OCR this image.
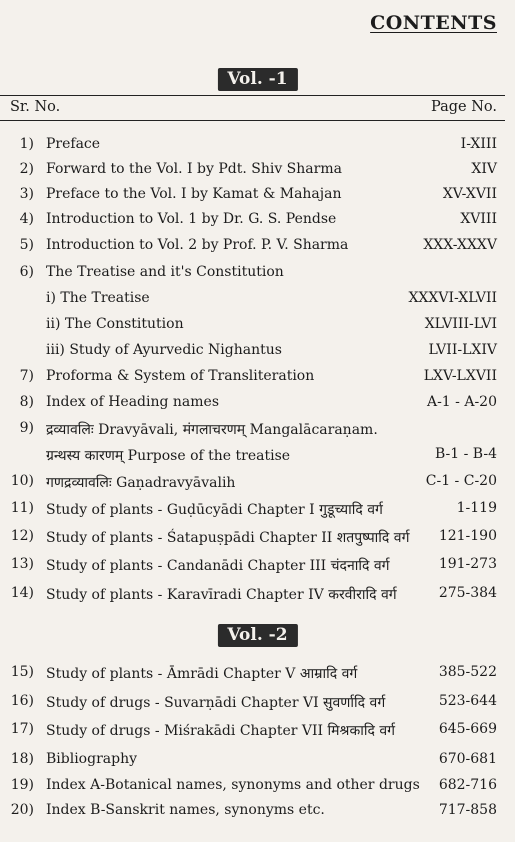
CONTENTS
Vol. -1
Sr. No.	Page No.
1) Preface	I-XIII
2) Forward to the Vol. I by Pdt. Shiv Sharma	XIV
3) Preface to the Vol. I by Kamat & Mahajan	XV-XVII
4) Introduction to Vol. 1 by Dr. G. S. Pendse	XVIII
5) Introduction to Vol. 2 by Prof. P. V. Sharma	XXX-XXXV
6) The Treatise and it's Constitution
i) The Treatise	XXXVI-XLVII
ii) The Constitution	XLVIII-LVI
iii) Study of Ayurvedic Nighantus	LVII-LXIV
7) Proforma & System of Transliteration	LXV-LXVII
8) Index of Heading names	A-1 - A-20
9) द्रव्यावलिः Dravyāvali, मंगलाचरणम् Mangalācaraṇam.
ग्रन्थस्य कारणम् Purpose of the treatise	B-1 - B-4
10) गणद्रव्यावलिः Gaṇadravyāvalih	C-1 - C-20
11) Study of plants - Guḍūcyādi Chapter I गुडूच्यादि वर्ग	1-119
12) Study of plants - Śatapuṣpādi Chapter II शतपुष्पादि वर्ग 121-190
13) Study of plants - Candanādi Chapter III चंदनादि वर्ग	191-273
14) Study of plants - Karavīradi Chapter IV करवीरादि वर्ग	275-384
Vol. -2
15) Study of plants - Āmrādi Chapter V आम्रादि वर्ग	385-522
16) Study of drugs - Suvarṇādi Chapter VI सुवर्णादि वर्ग	523-644
17) Study of drugs - Miśrakādi Chapter VII मिश्रकादि वर्ग	645-669
18) Bibliography	670-681
19) Index A-Botanical names, synonyms and other drugs 682-716
20) Index B-Sanskrit names, synonyms etc.	717-858
